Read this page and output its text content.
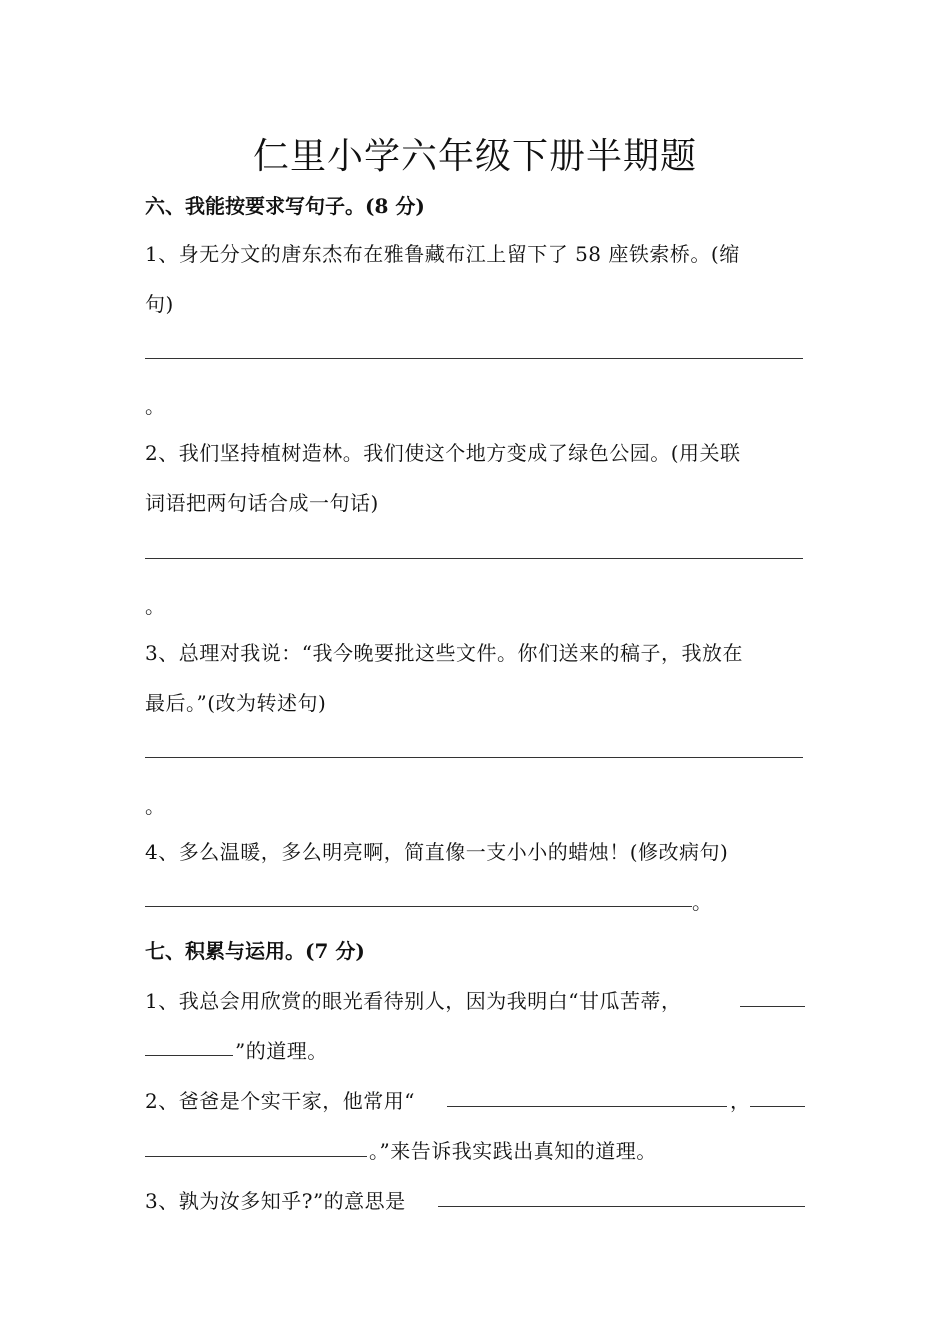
仁里小学六年级下册半期题
六、我能按要求写句子。(8 分)
1、身无分文的唐东杰布在雅鲁藏布江上留下了 58 座铁索桥。(缩
句)
。
2、我们坚持植树造林。我们使这个地方变成了绿色公园。(用关联
词语把两句话合成一句话)
。
3、总理对我说：“我今晚要批这些文件。你们送来的稿子，我放在
最后。”(改为转述句)
。
4、多么温暖，多么明亮啊，简直像一支小小的蜡烛！(修改病句)
。
七、积累与运用。(7 分)
1、我总会用欣赏的眼光看待别人，因为我明白“甘瓜苦蒂，
”的道理。
2、爸爸是个实干家，他常用“	，
。”来告诉我实践出真知的道理。
3、孰为汝多知乎?”的意思是
